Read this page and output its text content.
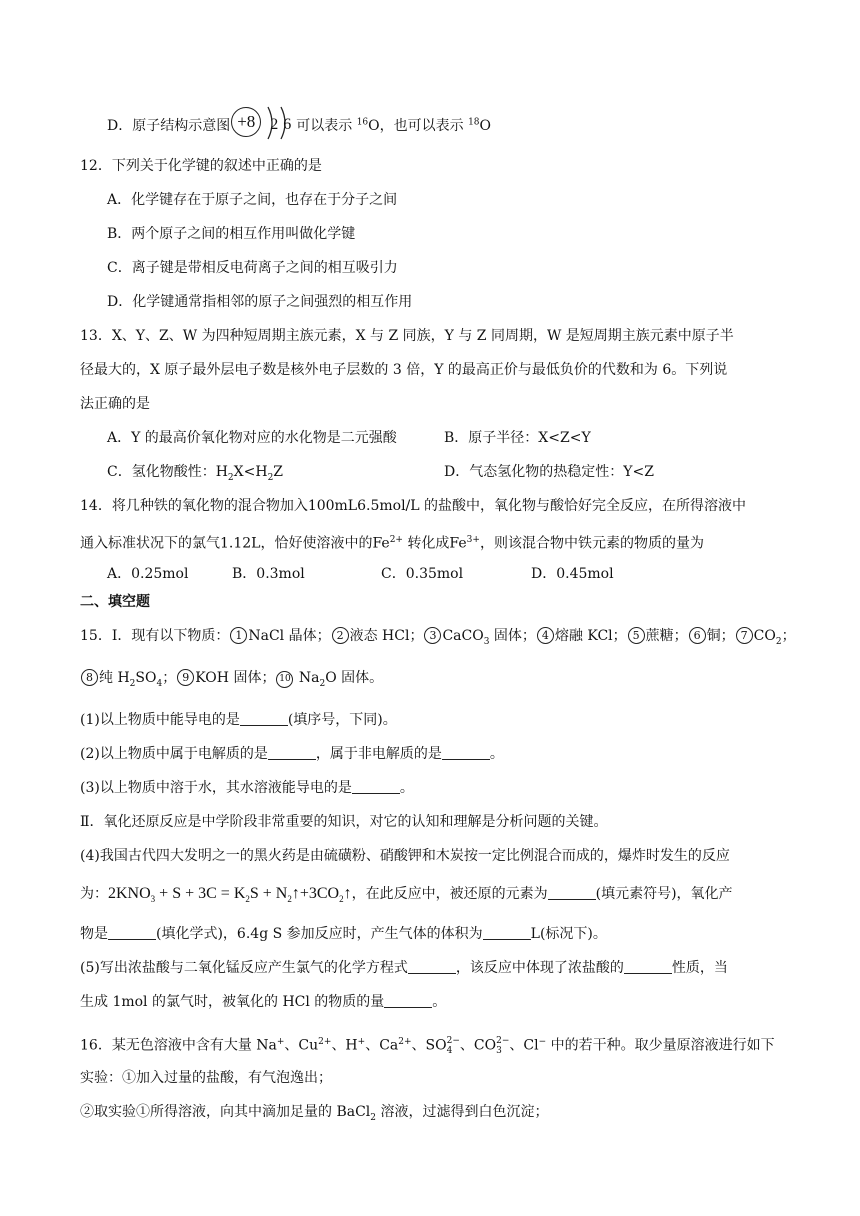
D．原子结构示意图 +8 2 6 可以表示 $^{16}$O，也可以表示 $^{18}$O
12．下列关于化学键的叙述中正确的是
A．化学键存在于原子之间，也存在于分子之间
B．两个原子之间的相互作用叫做化学键
C．离子键是带相反电荷离子之间的相互吸引力
D．化学键通常指相邻的原子之间强烈的相互作用
13．X、Y、Z、W 为四种短周期主族元素，X 与 Z 同族，Y 与 Z 同周期，W 是短周期主族元素中原子半
径最大的，X 原子最外层电子数是核外电子层数的 3 倍，Y 的最高正价与最低负价的代数和为 6。下列说
法正确的是
A．Y 的最高价氧化物对应的水化物是二元强酸	B．原子半径：X<Z<Y
C．氢化物酸性：$H_2X<H_2Z$	D．气态氢化物的热稳定性：Y<Z
14．将几种铁的氧化物的混合物加入100mL6.5mol/L 的盐酸中，氧化物与酸恰好完全反应，在所得溶液中
通入标准状况下的氯气1.12L，恰好使溶液中的$Fe^{2+}$ 转化成$Fe^{3+}$，则该混合物中铁元素的物质的量为
A．0.25mol	B．0.3mol	C．0.35mol	D．0.45mol
二、填空题
15．Ⅰ．现有以下物质： 1 NaCl 晶体； 2 液态 HCl； 3 CaCO$_3$ 固体； 4 熔融 KCl； 5 蔗糖； 6 铜； 7 $CO_2$；
8 纯 $H_2SO_4$； 9 KOH 固体； 10 $Na_2O$ 固体。
(1)以上物质中能导电的是	(填序号，下同)。
(2)以上物质中属于电解质的是	，属于非电解质的是	。
(3)以上物质中溶于水，其水溶液能导电的是	。
Ⅱ．氧化还原反应是中学阶段非常重要的知识，对它的认知和理解是分析问题的关键。
(4)我国古代四大发明之一的黑火药是由硫磺粉、硝酸钾和木炭按一定比例混合而成的，爆炸时发生的反应
为：$2KNO_3 + S + 3C = K_2S$ + $N_2↑+3CO_2↑$，在此反应中，被还原的元素为	(填元素符号)，氧化产
物是	(填化学式)，6.4g S 参加反应时，产生气体的体积为	L(标况下)。
(5)写出浓盐酸与二氧化锰反应产生氯气的化学方程式	，该反应中体现了浓盐酸的	性质，当
生成 1mol 的氯气时，被氧化的 HCl 的物质的量	。
16．某无色溶液中含有大量 Na+、$Cu^{2+}$、H+、$Ca^{2+}$、SO 2−
4 、CO 2−
3 、Cl− 中的若干种。取少量原溶液进行如下
实验：①加入过量的盐酸，有气泡逸出；
②取实验①所得溶液，向其中滴加足量的 BaCl$_2$ 溶液，过滤得到白色沉淀；
